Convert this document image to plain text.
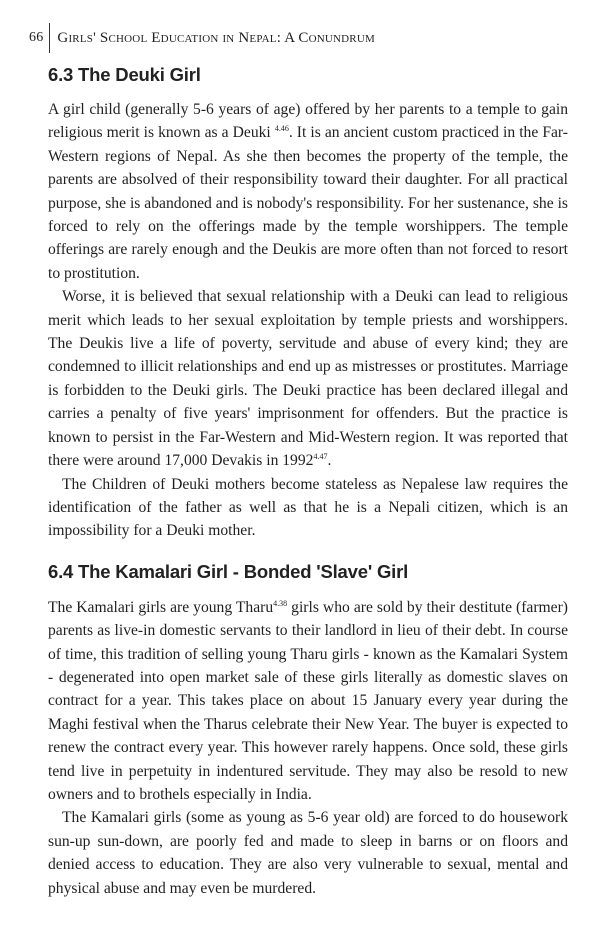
66 Girls' School Education in Nepal: A Conundrum
6.3 The Deuki Girl

A girl child (generally 5-6 years of age) offered by her parents to a temple to gain religious merit is known as a Deuki $^{4.46}$. It is an ancient custom practiced in the Far-Western regions of Nepal. As she then becomes the property of the temple, the parents are absolved of their responsibility toward their daughter. For all practical purpose, she is abandoned and is nobody's responsibility. For her sustenance, she is forced to rely on the offerings made by the temple worshippers. The temple offerings are rarely enough and the Deukis are more often than not forced to resort to prostitution.

Worse, it is believed that sexual relationship with a Deuki can lead to religious merit which leads to her sexual exploitation by temple priests and worshippers. The Deukis live a life of poverty, servitude and abuse of every kind; they are condemned to illicit relationships and end up as mistresses or prostitutes. Marriage is forbidden to the Deuki girls. The Deuki practice has been declared illegal and carries a penalty of five years' imprisonment for offenders. But the practice is known to persist in the Far-Western and Mid-Western region. It was reported that there were around 17,000 Devakis in $1992^{4.47}$.

The Children of Deuki mothers become stateless as Nepalese law requires the identification of the father as well as that he is a Nepali citizen, which is an impossibility for a Deuki mother.

6.4 The Kamalari Girl - Bonded 'Slave' Girl

The Kamalari girls are young Tharu$^{4.38}$ girls who are sold by their destitute (farmer) parents as live-in domestic servants to their landlord in lieu of their debt. In course of time, this tradition of selling young Tharu girls - known as the Kamalari System - degenerated into open market sale of these girls literally as domestic slaves on contract for a year. This takes place on about 15 January every year during the Maghi festival when the Tharus celebrate their New Year. The buyer is expected to renew the contract every year. This however rarely happens. Once sold, these girls tend live in perpetuity in indentured servitude. They may also be resold to new owners and to brothels especially in India.

The Kamalari girls (some as young as 5-6 year old) are forced to do housework sun-up sun-down, are poorly fed and made to sleep in barns or on floors and denied access to education. They are also very vulnerable to sexual, mental and physical abuse and may even be murdered.
